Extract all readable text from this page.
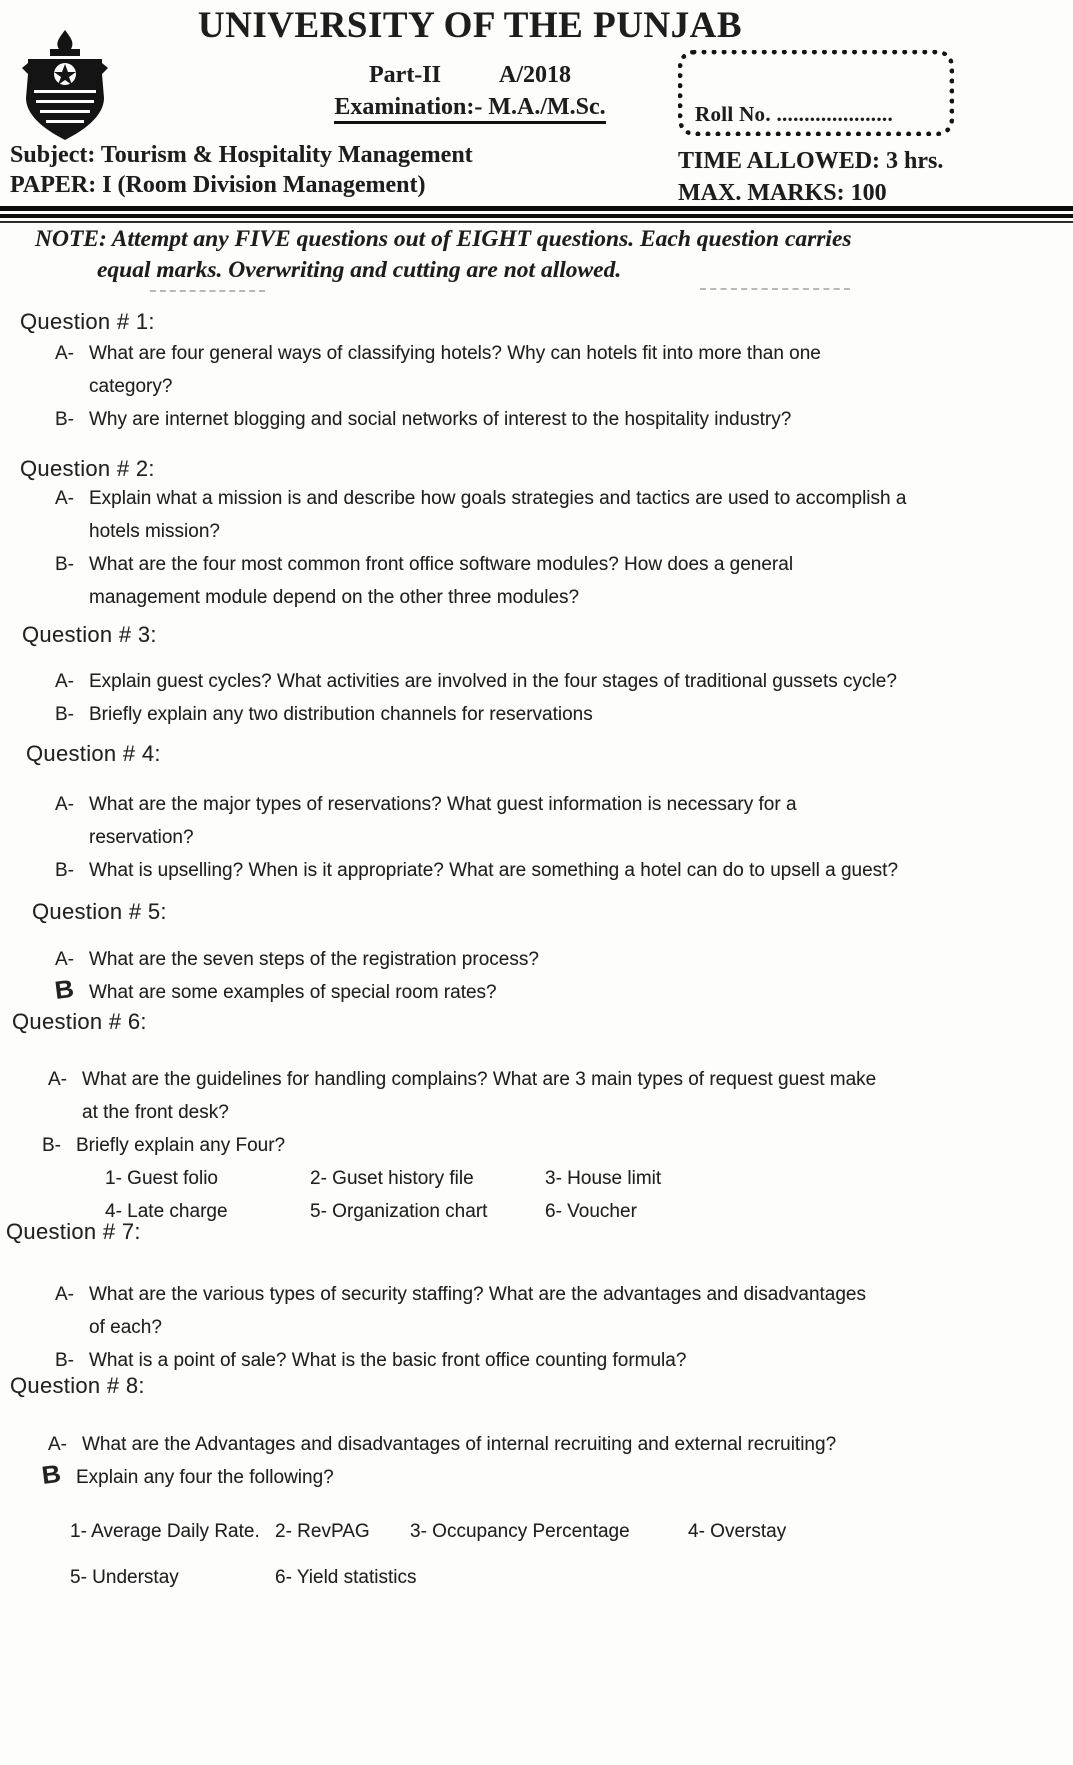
UNIVERSITY OF THE PUNJAB
Part-II A/2018
Examination:- M.A./M.Sc.	Roll No. .....................
Subject: Tourism & Hospitality Management
PAPER: I (Room Division Management)
TIME ALLOWED: 3 hrs.
MAX. MARKS: 100
NOTE: Attempt any FIVE questions out of EIGHT questions. Each question carries
equal marks. Overwriting and cutting are not allowed.
Question # 1:
A- What are four general ways of classifying hotels? Why can hotels fit into more than one
category?
B- Why are internet blogging and social networks of interest to the hospitality industry?
Question # 2:
A- Explain what a mission is and describe how goals strategies and tactics are used to accomplish a
hotels mission?
B- What are the four most common front office software modules? How does a general
management module depend on the other three modules?
Question # 3:
A- Explain guest cycles? What activities are involved in the four stages of traditional gussets cycle?
B- Briefly explain any two distribution channels for reservations
Question # 4:
A- What are the major types of reservations? What guest information is necessary for a
reservation?
B- What is upselling? When is it appropriate? What are something a hotel can do to upsell a guest?
Question # 5:
A- What are the seven steps of the registration process?
B What are some examples of special room rates?
Question # 6:
A- What are the guidelines for handling complains? What are 3 main types of request guest make
at the front desk?
B- Briefly explain any Four?
1- Guest folio	2- Guset history file	3- House limit
4- Late charge	5- Organization chart	6- Voucher
Question # 7:
A- What are the various types of security staffing? What are the advantages and disadvantages
of each?
B- What is a point of sale? What is the basic front office counting formula?
Question # 8:
A- What are the Advantages and disadvantages of internal recruiting and external recruiting?
B Explain any four the following?
1- Average Daily Rate. 2- RevPAG	3- Occupancy Percentage	4- Overstay
5- Understay	6- Yield statistics
